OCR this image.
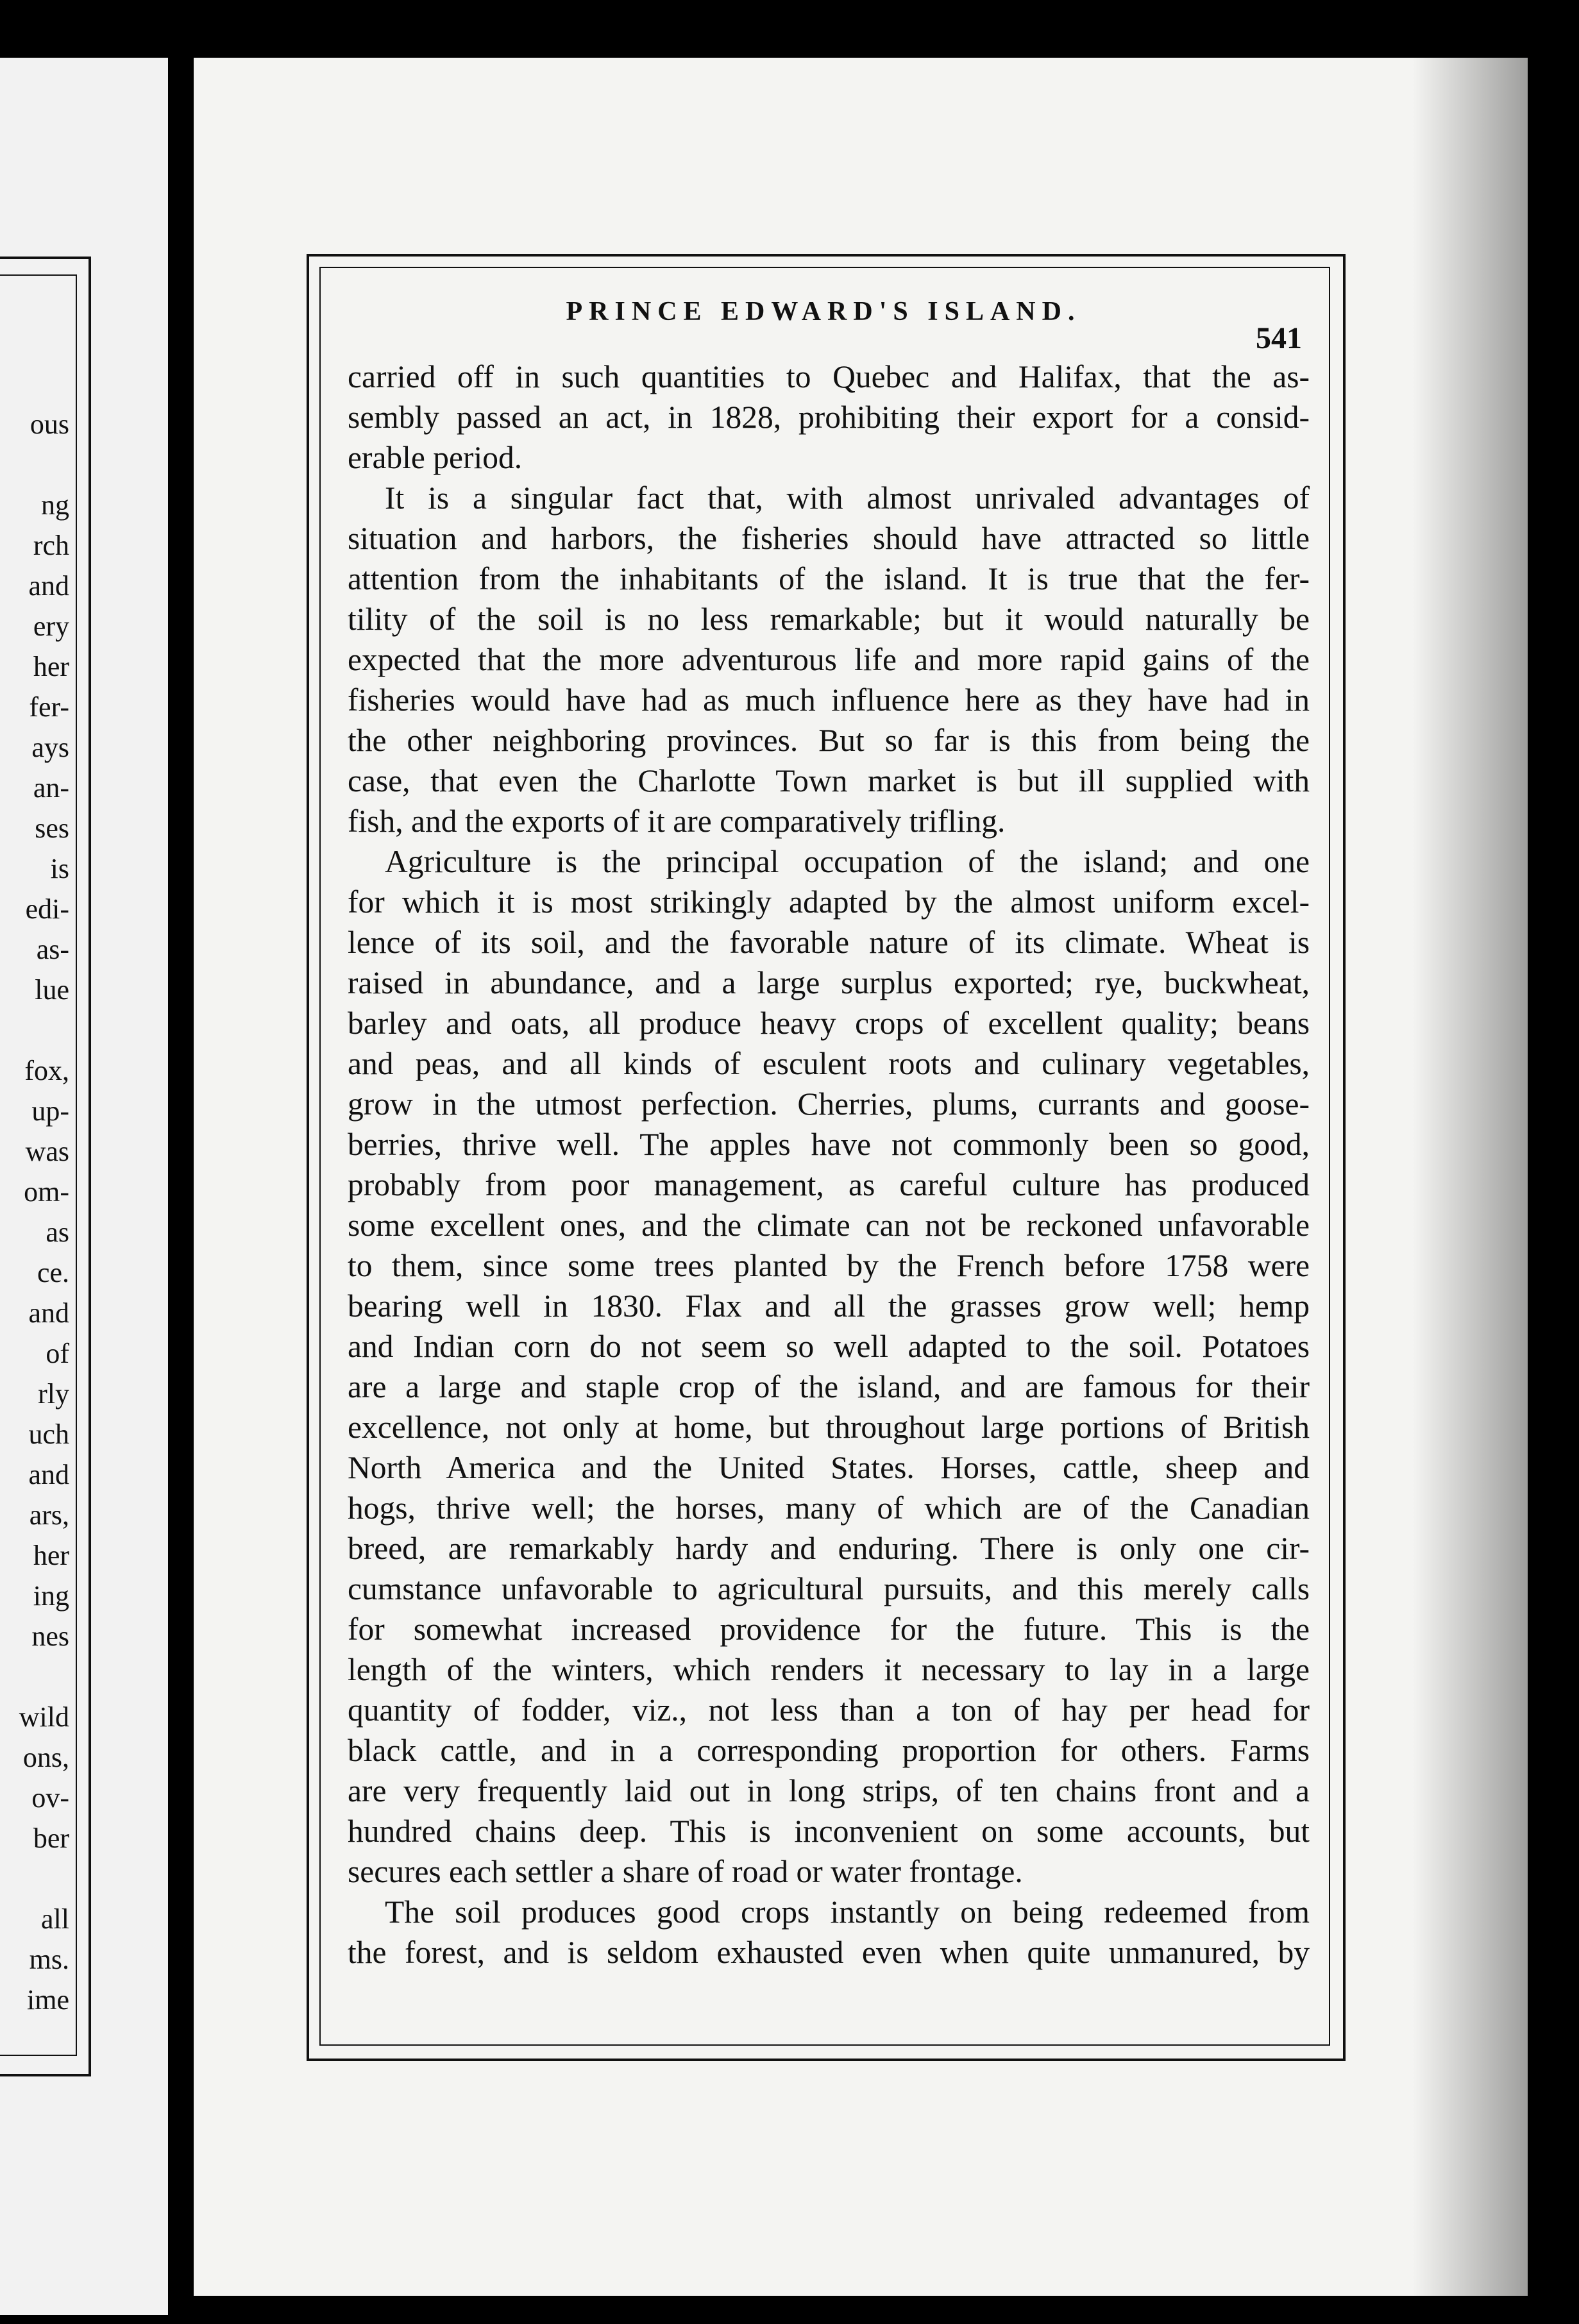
ous

ng
rch
and
ery
her
fer-
ays
an-
ses
is
edi-
as-
lue

fox,
up-
was
om-
as
ce.
and
of
rly
uch
and
ars,
her
ing
nes

wild
ons,
ov-
ber

all
ms.
ime
PRINCE EDWARD'S ISLAND.
541
carried off in such quantities to Quebec and Halifax, that the as-
sembly passed an act, in 1828, prohibiting their export for a consid-
erable period.
It is a singular fact that, with almost unrivaled advantages of
situation and harbors, the fisheries should have attracted so little
attention from the inhabitants of the island. It is true that the fer-
tility of the soil is no less remarkable; but it would naturally be
expected that the more adventurous life and more rapid gains of the
fisheries would have had as much influence here as they have had in
the other neighboring provinces. But so far is this from being the
case, that even the Charlotte Town market is but ill supplied with
fish, and the exports of it are comparatively trifling.
Agriculture is the principal occupation of the island; and one
for which it is most strikingly adapted by the almost uniform excel-
lence of its soil, and the favorable nature of its climate. Wheat is
raised in abundance, and a large surplus exported; rye, buckwheat,
barley and oats, all produce heavy crops of excellent quality; beans
and peas, and all kinds of esculent roots and culinary vegetables,
grow in the utmost perfection. Cherries, plums, currants and goose-
berries, thrive well. The apples have not commonly been so good,
probably from poor management, as careful culture has produced
some excellent ones, and the climate can not be reckoned unfavorable
to them, since some trees planted by the French before 1758 were
bearing well in 1830. Flax and all the grasses grow well; hemp
and Indian corn do not seem so well adapted to the soil. Potatoes
are a large and staple crop of the island, and are famous for their
excellence, not only at home, but throughout large portions of British
North America and the United States. Horses, cattle, sheep and
hogs, thrive well; the horses, many of which are of the Canadian
breed, are remarkably hardy and enduring. There is only one cir-
cumstance unfavorable to agricultural pursuits, and this merely calls
for somewhat increased providence for the future. This is the
length of the winters, which renders it necessary to lay in a large
quantity of fodder, viz., not less than a ton of hay per head for
black cattle, and in a corresponding proportion for others. Farms
are very frequently laid out in long strips, of ten chains front and a
hundred chains deep. This is inconvenient on some accounts, but
secures each settler a share of road or water frontage.
The soil produces good crops instantly on being redeemed from
the forest, and is seldom exhausted even when quite unmanured, by
